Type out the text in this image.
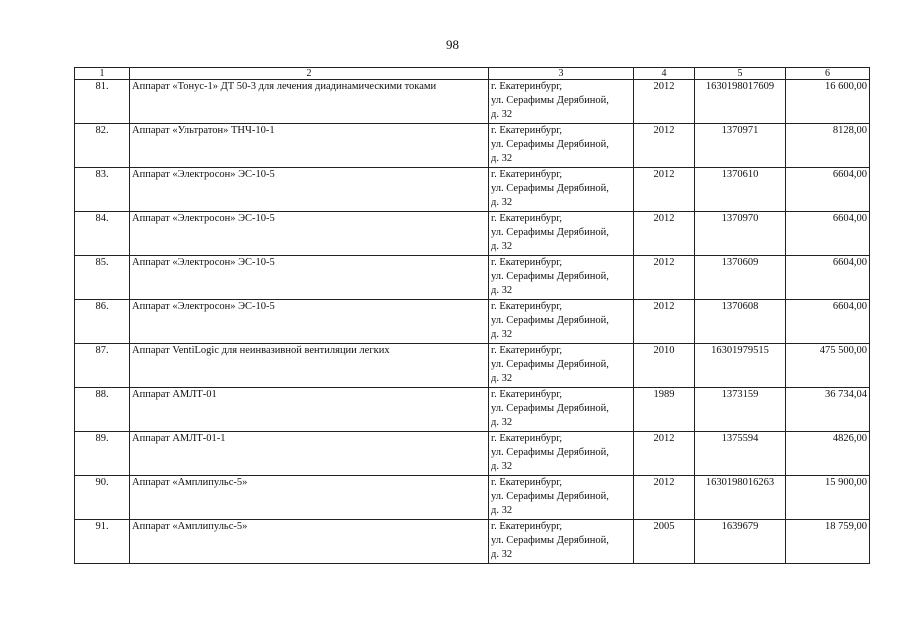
98
1	2	3	4	5	6
81.	Аппарат «Тонус-1» ДТ 50-3 для лечения диадинамическими токами	г. Екатеринбург,
ул. Серафимы Дерябиной,
д. 32	2012	1630198017609	16 600,00
82.	Аппарат «Ультратон» ТНЧ-10-1	г. Екатеринбург,
ул. Серафимы Дерябиной,
д. 32	2012	1370971	8128,00
83.	Аппарат «Электросон» ЭС-10-5	г. Екатеринбург,
ул. Серафимы Дерябиной,
д. 32	2012	1370610	6604,00
84.	Аппарат «Электросон» ЭС-10-5	г. Екатеринбург,
ул. Серафимы Дерябиной,
д. 32	2012	1370970	6604,00
85.	Аппарат «Электросон» ЭС-10-5	г. Екатеринбург,
ул. Серафимы Дерябиной,
д. 32	2012	1370609	6604,00
86.	Аппарат «Электросон» ЭС-10-5	г. Екатеринбург,
ул. Серафимы Дерябиной,
д. 32	2012	1370608	6604,00
87.	Аппарат VentiLogic для неинвазивной вентиляции легких	г. Екатеринбург,
ул. Серафимы Дерябиной,
д. 32	2010	16301979515	475 500,00
88.	Аппарат АМЛТ-01	г. Екатеринбург,
ул. Серафимы Дерябиной,
д. 32	1989	1373159	36 734,04
89.	Аппарат АМЛТ-01-1	г. Екатеринбург,
ул. Серафимы Дерябиной,
д. 32	2012	1375594	4826,00
90.	Аппарат «Амплипульс-5»	г. Екатеринбург,
ул. Серафимы Дерябиной,
д. 32	2012	1630198016263	15 900,00
91.	Аппарат «Амплипульс-5»	г. Екатеринбург,
ул. Серафимы Дерябиной,
д. 32	2005	1639679	18 759,00
